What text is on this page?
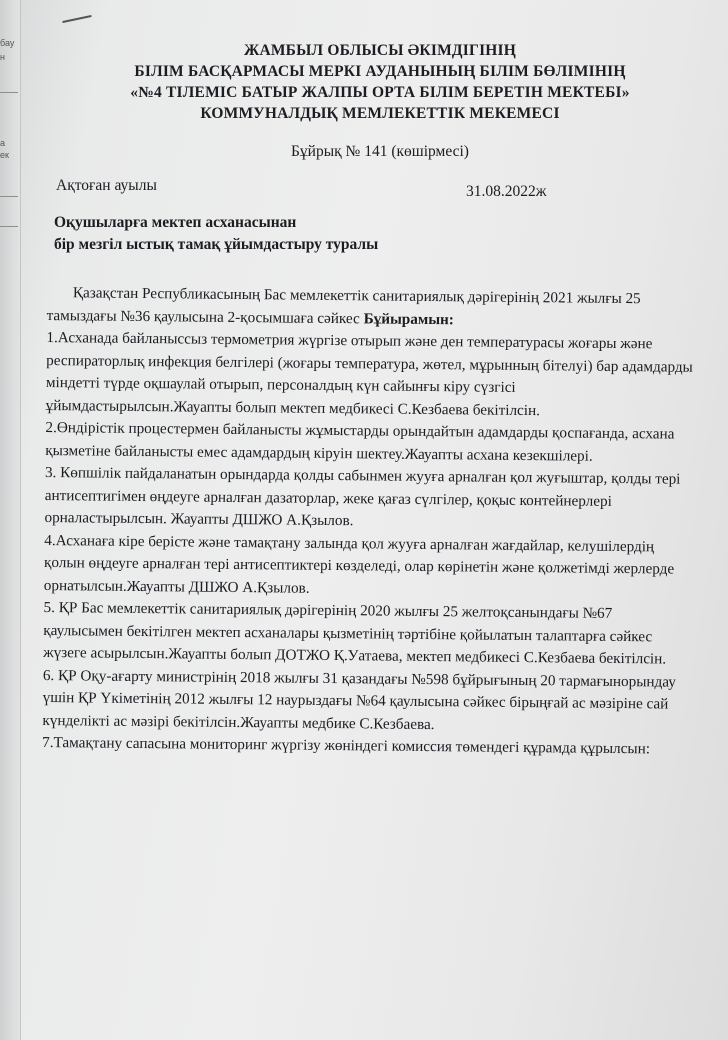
бау
н
а
ек
ЖАМБЫЛ ОБЛЫСЫ ӘКІМДІГІНІҢ
БІЛІМ БАСҚАРМАСЫ МЕРКІ АУДАНЫНЫҢ БІЛІМ БӨЛІМІНІҢ
«№4 ТІЛЕМІС БАТЫР ЖАЛПЫ ОРТА БІЛІМ БЕРЕТІН МЕКТЕБІ»
КОММУНАЛДЫҚ МЕМЛЕКЕТТІК МЕКЕМЕСІ
Бұйрық № 141 (көшірмесі)
Ақтоған ауылы	31.08.2022ж
Оқушыларға мектеп асханасынан
бір мезгіл ыстық тамақ ұйымдастыру туралы

Қазақстан Республикасының Бас мемлекеттік санитариялық дәрігерінің 2021 жылғы 25 тамыздағы №36 қаулысына 2-қосымшаға сәйкес Бұйырамын:

1.Асханада байланыссыз термометрия жүргізе отырып және ден температурасы жоғары және респираторлық инфекция белгілері (жоғары температура, жөтел, мұрынның бітелуі) бар адамдарды міндетті түрде оқшаулай отырып, персоналдың күн сайынғы кіру сүзгісі ұйымдастырылсын.Жауапты болып мектеп медбикесі С.Кезбаева бекітілсін.

2.Өндірістік процестермен байланысты жұмыстарды орындайтын адамдарды қоспағанда, асхана қызметіне байланысты емес адамдардың кіруін шектеу.Жауапты асхана кезекшілері.

3. Көпшілік пайдаланатын орындарда қолды сабынмен жууға арналған қол жуғыштар, қолды тері антисептигімен өңдеуге арналған дазаторлар, жеке қағаз сүлгілер, қоқыс контейнерлері орналастырылсын. Жауапты ДШЖО А.Қзылов.

4.Асханаға кіре берісте және тамақтану залында қол жууға арналған жағдайлар, келушілердің қолын өңдеуге арналған тері антисептиктері көзделеді, олар көрінетін және қолжетімді жерлерде орнатылсын.Жауапты ДШЖО А.Қзылов.

5. ҚР Бас мемлекеттік санитариялық дәрігерінің 2020 жылғы 25 желтоқсанындағы №67 қаулысымен бекітілген мектеп асханалары қызметінің тәртібіне қойылатын талаптарға сәйкес жүзеге асырылсын.Жауапты болып ДОТЖО Қ.Уатаева, мектеп медбикесі С.Кезбаева бекітілсін.

6. ҚР Оқу-ағарту министрінің 2018 жылғы 31 қазандағы №598 бұйрығының 20 тармағынорындау үшін ҚР Үкіметінің 2012 жылғы 12 наурыздағы №64 қаулысына сәйкес бірыңғай ас мәзіріне сай күнделікті ас мәзірі бекітілсін.Жауапты медбике С.Кезбаева.

7.Тамақтану сапасына мониторинг жүргізу жөніндегі комиссия төмендегі құрамда құрылсын:
